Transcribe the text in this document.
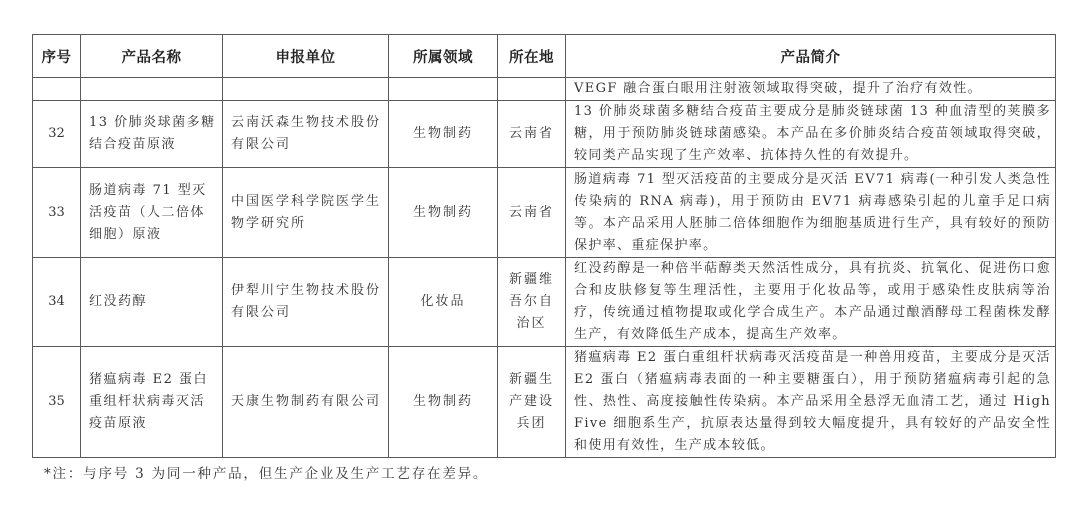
序号	产品名称	申报单位	所属领域	所在地	产品简介
					VEGF 融合蛋白眼用注射液领域取得突破，提升了治疗有效性。
32	13 价肺炎球菌多糖结合疫苗原液	云南沃森生物技术股份有限公司	生物制药	云南省	13 价肺炎球菌多糖结合疫苗主要成分是肺炎链球菌 13 种血清型的荚膜多糖，用于预防肺炎链球菌感染。本产品在多价肺炎结合疫苗领域取得突破，较同类产品实现了生产效率、抗体持久性的有效提升。
33	肠道病毒 71 型灭活疫苗（人二倍体细胞）原液	中国医学科学院医学生物学研究所	生物制药	云南省	肠道病毒 71 型灭活疫苗的主要成分是灭活 EV71 病毒(一种引发人类急性传染病的 RNA 病毒)，用于预防由 EV71 病毒感染引起的儿童手足口病等。本产品采用人胚肺二倍体细胞作为细胞基质进行生产，具有较好的预防保护率、重症保护率。
34	红没药醇	伊犁川宁生物技术股份有限公司	化妆品	新疆维吾尔自治区	红没药醇是一种倍半萜醇类天然活性成分，具有抗炎、抗氧化、促进伤口愈合和皮肤修复等生理活性，主要用于化妆品等，或用于感染性皮肤病等治疗，传统通过植物提取或化学合成生产。本产品通过酿酒酵母工程菌株发酵生产，有效降低生产成本，提高生产效率。
35	猪瘟病毒 E2 蛋白重组杆状病毒灭活疫苗原液	天康生物制药有限公司	生物制药	新疆生产建设兵团	猪瘟病毒 E2 蛋白重组杆状病毒灭活疫苗是一种兽用疫苗，主要成分是灭活 E2 蛋白（猪瘟病毒表面的一种主要糖蛋白），用于预防猪瘟病毒引起的急性、热性、高度接触性传染病。本产品采用全悬浮无血清工艺，通过 High Five 细胞系生产，抗原表达量得到较大幅度提升，具有较好的产品安全性和使用有效性，生产成本较低。
*注：与序号 3 为同一种产品，但生产企业及生产工艺存在差异。
